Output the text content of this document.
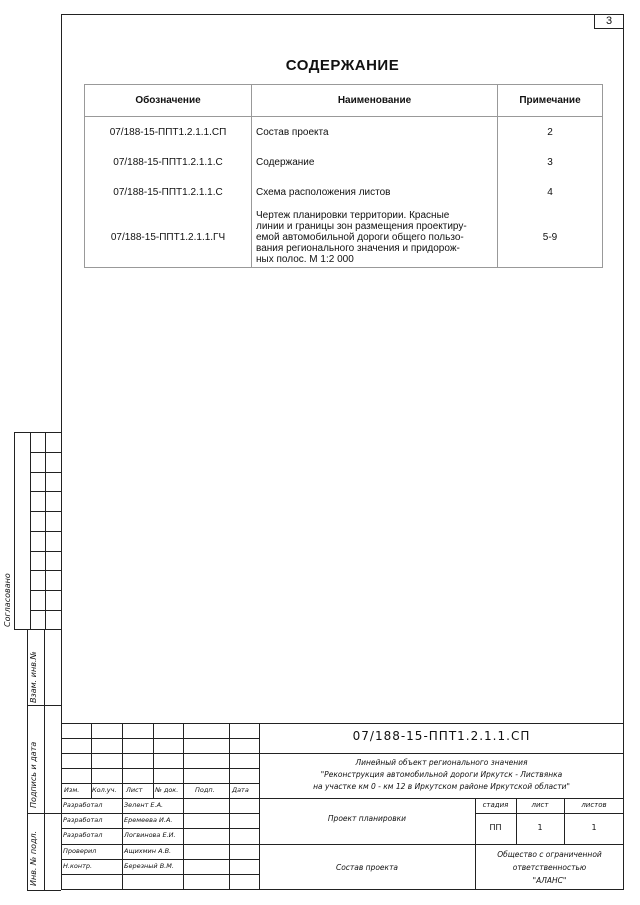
3
СОДЕРЖАНИЕ
Обозначение	Наименование	Примечание
07/188-15-ППТ1.2.1.1.СП	Состав проекта	2
07/188-15-ППТ1.2.1.1.С	Содержание	3
07/188-15-ППТ1.2.1.1.С	Схема расположения листов	4
07/188-15-ППТ1.2.1.1.ГЧ	Чертеж планировки территории. Красные
линии и границы зон размещения проектиру-
емой автомобильной дороги общего пользо-
вания регионального значения и придорож-
ных полос. М 1:2 000	5-9
Согласовано
Взам. инв.№
Подпись и дата
Инв. № подл.
Изм. Кол.уч. Лист № док.	Подп.	Дата
Разработал	Зелент Е.А.
Разработал	Еремеева И.А.
Разработал	Логвинова Е.И.
Проверил	Ащихмин А.В.
Н.контр.	Березный В.М.
07/188-15-ППТ1.2.1.1.СП
Линейный объект регионального значения
"Реконструкция автомобильной дороги Иркутск - Листвянка
на участке км 0 - км 12 в Иркутском районе Иркутской области"
Проект планировки
стадия	лист	листов
ПП	1	1
Состав проекта
Общество с ограниченной
ответственностью
"АЛАНС"
